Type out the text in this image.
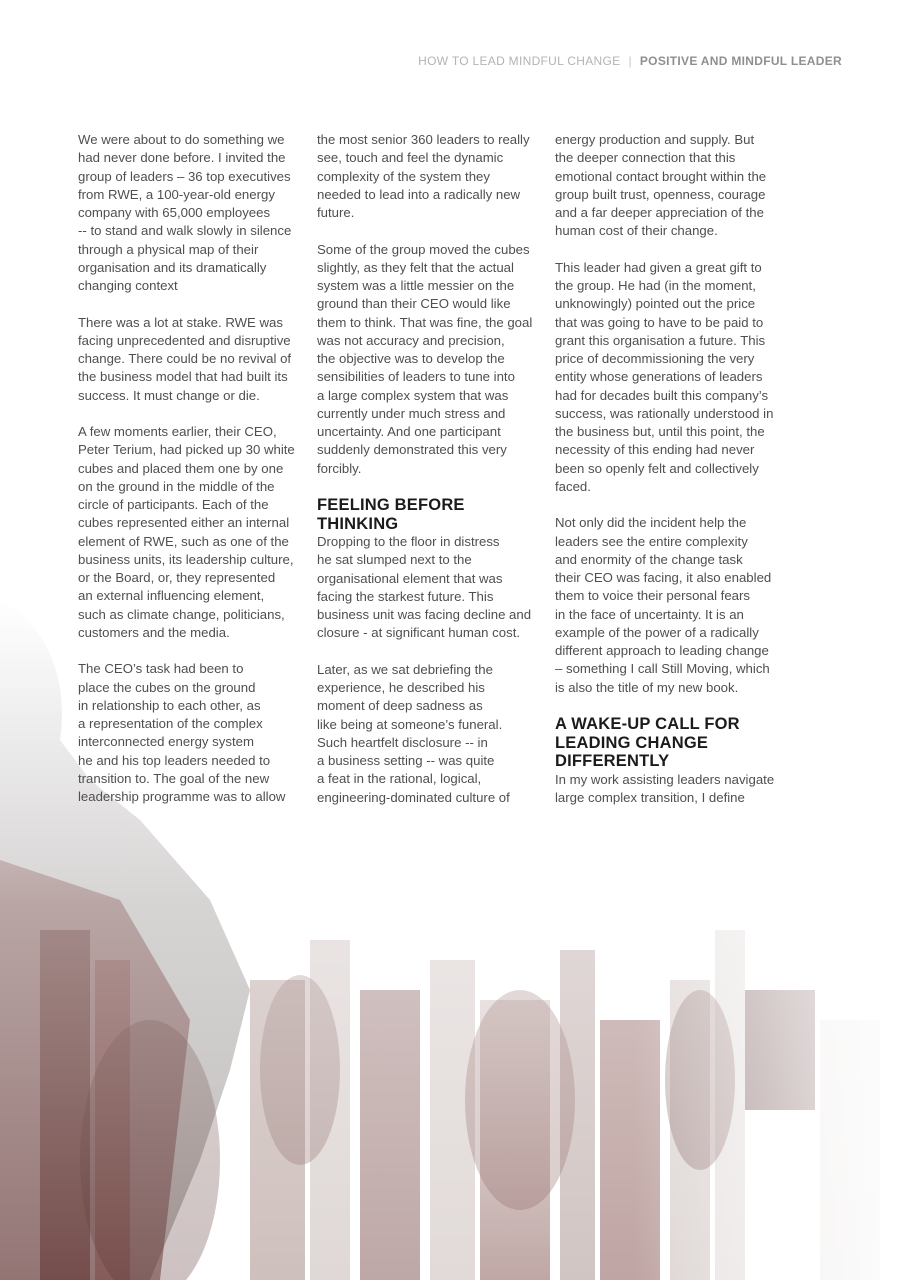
HOW TO LEAD MINDFUL CHANGE | POSITIVE AND MINDFUL LEADER

We were about to do something we
had never done before. I invited the
group of leaders – 36 top executives
from RWE, a 100-year-old energy
company with 65,000 employees
-- to stand and walk slowly in silence
through a physical map of their
organisation and its dramatically
changing context

There was a lot at stake. RWE was
facing unprecedented and disruptive
change. There could be no revival of
the business model that had built its
success. It must change or die.

A few moments earlier, their CEO,
Peter Terium, had picked up 30 white
cubes and placed them one by one
on the ground in the middle of the
circle of participants. Each of the
cubes represented either an internal
element of RWE, such as one of the
business units, its leadership culture,
or the Board, or, they represented
an external influencing element,
such as climate change, politicians,
customers and the media.

The CEO’s task had been to
place the cubes on the ground
in relationship to each other, as
a representation of the complex
interconnected energy system
he and his top leaders needed to
transition to. The goal of the new
leadership programme was to allow

the most senior 360 leaders to really
see, touch and feel the dynamic
complexity of the system they
needed to lead into a radically new
future.

Some of the group moved the cubes
slightly, as they felt that the actual
system was a little messier on the
ground than their CEO would like
them to think. That was fine, the goal
was not accuracy and precision,
the objective was to develop the
sensibilities of leaders to tune into
a large complex system that was
currently under much stress and
uncertainty. And one participant
suddenly demonstrated this very
forcibly.

FEELING BEFORE
THINKING

Dropping to the floor in distress
he sat slumped next to the
organisational element that was
facing the starkest future. This
business unit was facing decline and
closure - at significant human cost.

Later, as we sat debriefing the
experience, he described his
moment of deep sadness as
like being at someone’s funeral.
Such heartfelt disclosure -- in
a business setting -- was quite
a feat in the rational, logical,
engineering-dominated culture of

energy production and supply. But
the deeper connection that this
emotional contact brought within the
group built trust, openness, courage
and a far deeper appreciation of the
human cost of their change.

This leader had given a great gift to
the group. He had (in the moment,
unknowingly) pointed out the price
that was going to have to be paid to
grant this organisation a future. This
price of decommissioning the very
entity whose generations of leaders
had for decades built this company’s
success, was rationally understood in
the business but, until this point, the
necessity of this ending had never
been so openly felt and collectively
faced.

Not only did the incident help the
leaders see the entire complexity
and enormity of the change task
their CEO was facing, it also enabled
them to voice their personal fears
in the face of uncertainty. It is an
example of the power of a radically
different approach to leading change
– something I call Still Moving, which
is also the title of my new book.

A WAKE-UP CALL FOR
LEADING CHANGE
DIFFERENTLY

In my work assisting leaders navigate
large complex transition, I define
